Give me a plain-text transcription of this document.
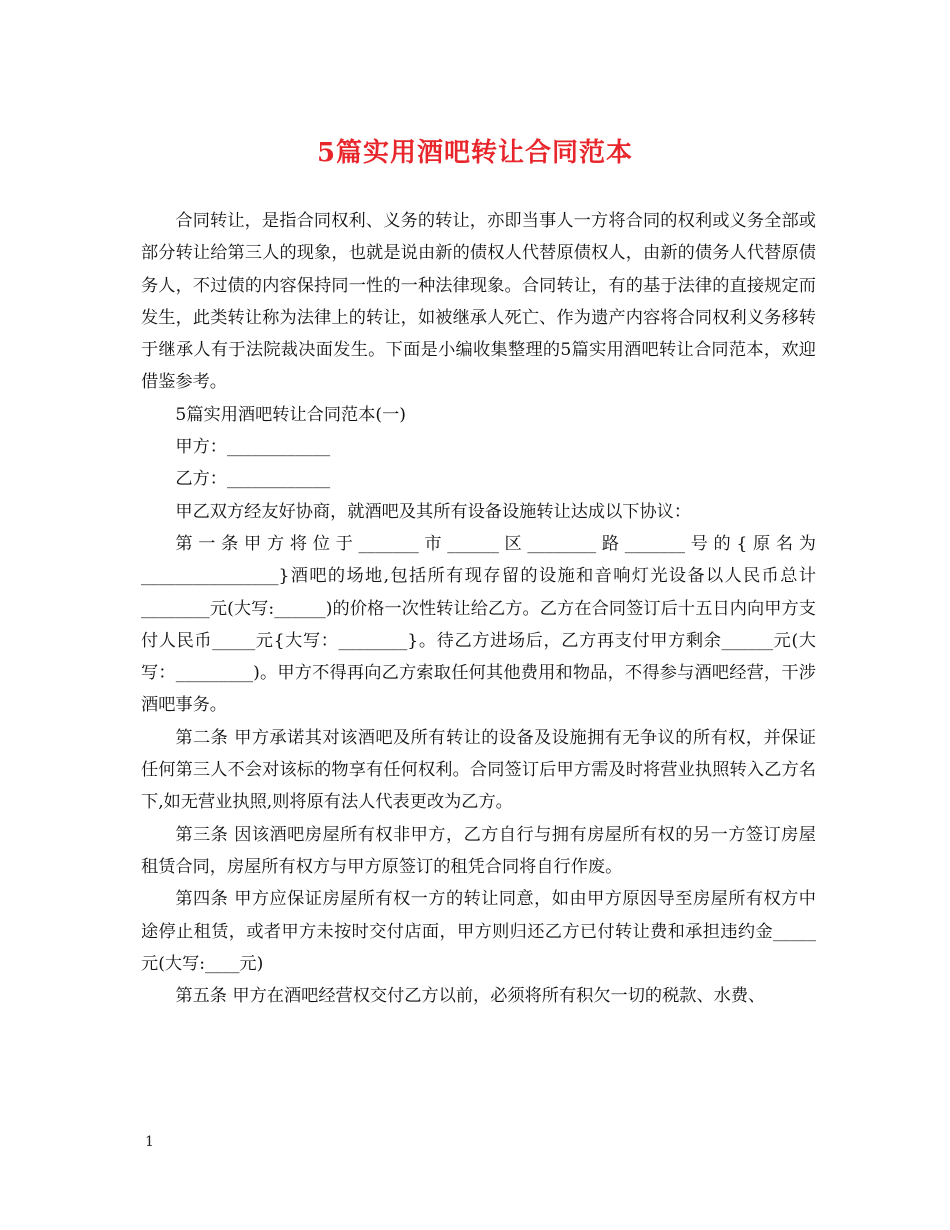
5篇实用酒吧转让合同范本

合同转让，是指合同权利、义务的转让，亦即当事人一方将合同的权利或义务全部或部分转让给第三人的现象，也就是说由新的债权人代替原债权人，由新的债务人代替原债务人，不过债的内容保持同一性的一种法律现象。合同转让，有的基于法律的直接规定而发生，此类转让称为法律上的转让，如被继承人死亡、作为遗产内容将合同权利义务移转于继承人有于法院裁决面发生。下面是小编收集整理的5篇实用酒吧转让合同范本，欢迎借鉴参考。

5篇实用酒吧转让合同范本(一)

甲方：____________

乙方：____________

甲乙双方经友好协商，就酒吧及其所有设备设施转让达成以下协议：

第一条甲方将位于_______市______区________路_______号的{原名为________________}酒吧的场地,包括所有现存留的设施和音响灯光设备以人民币总计________元(大写:______)的价格一次性转让给乙方。乙方在合同签订后十五日内向甲方支付人民币_____元{大写：________}。待乙方进场后，乙方再支付甲方剩余______元(大写：_________)。甲方不得再向乙方索取任何其他费用和物品，不得参与酒吧经营，干涉酒吧事务。

第二条 甲方承诺其对该酒吧及所有转让的设备及设施拥有无争议的所有权，并保证任何第三人不会对该标的物享有任何权利。合同签订后甲方需及时将营业执照转入乙方名下,如无营业执照,则将原有法人代表更改为乙方。

第三条 因该酒吧房屋所有权非甲方，乙方自行与拥有房屋所有权的另一方签订房屋租赁合同，房屋所有权方与甲方原签订的租凭合同将自行作废。

第四条 甲方应保证房屋所有权一方的转让同意，如由甲方原因导至房屋所有权方中途停止租赁，或者甲方未按时交付店面，甲方则归还乙方已付转让费和承担违约金_____元(大写:____元)

第五条 甲方在酒吧经营权交付乙方以前，必须将所有积欠一切的税款、水费、

1
